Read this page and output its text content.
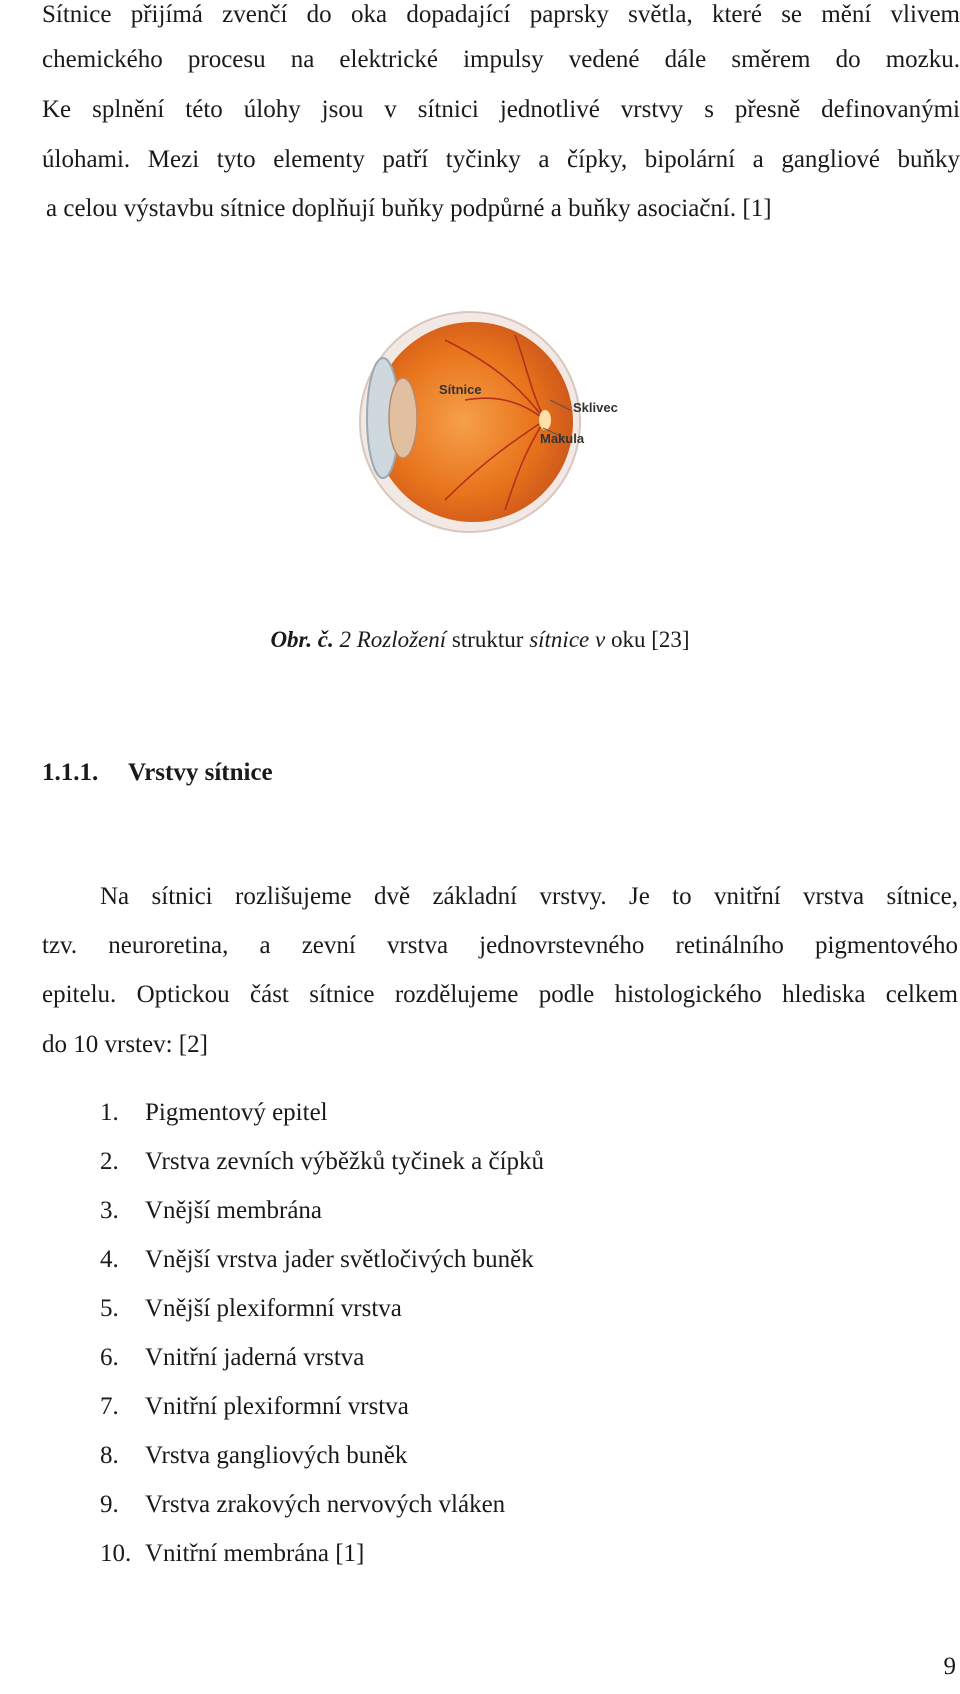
Sítnice přijímá zvenčí do oka dopadající paprsky světla, které se mění vlivem
chemického procesu na elektrické impulsy vedené dále směrem do mozku.
Ke splnění této úlohy jsou v sítnici jednotlivé vrstvy s přesně definovanými
úlohami. Mezi tyto elementy patří tyčinky a čípky, bipolární a gangliové buňky
a celou výstavbu sítnice doplňují buňky podpůrné a buňky asociační. [1]
Sítnice
Sklivec
Makula
Obr. č. 2 Rozložení struktur sítnice v oku [23]
1.1.1. Vrstvy sítnice
Na sítnici rozlišujeme dvě základní vrstvy. Je to vnitřní vrstva sítnice,
tzv. neuroretina, a zevní vrstva jednovrstevného retinálního pigmentového
epitelu. Optickou část sítnice rozdělujeme podle histologického hlediska celkem
do 10 vrstev: [2]
1. Pigmentový epitel
2. Vrstva zevních výběžků tyčinek a čípků
3. Vnější membrána
4. Vnější vrstva jader světločivých buněk
5. Vnější plexiformní vrstva
6. Vnitřní jaderná vrstva
7. Vnitřní plexiformní vrstva
8. Vrstva gangliových buněk
9. Vrstva zrakových nervových vláken
10. Vnitřní membrána [1]
9
